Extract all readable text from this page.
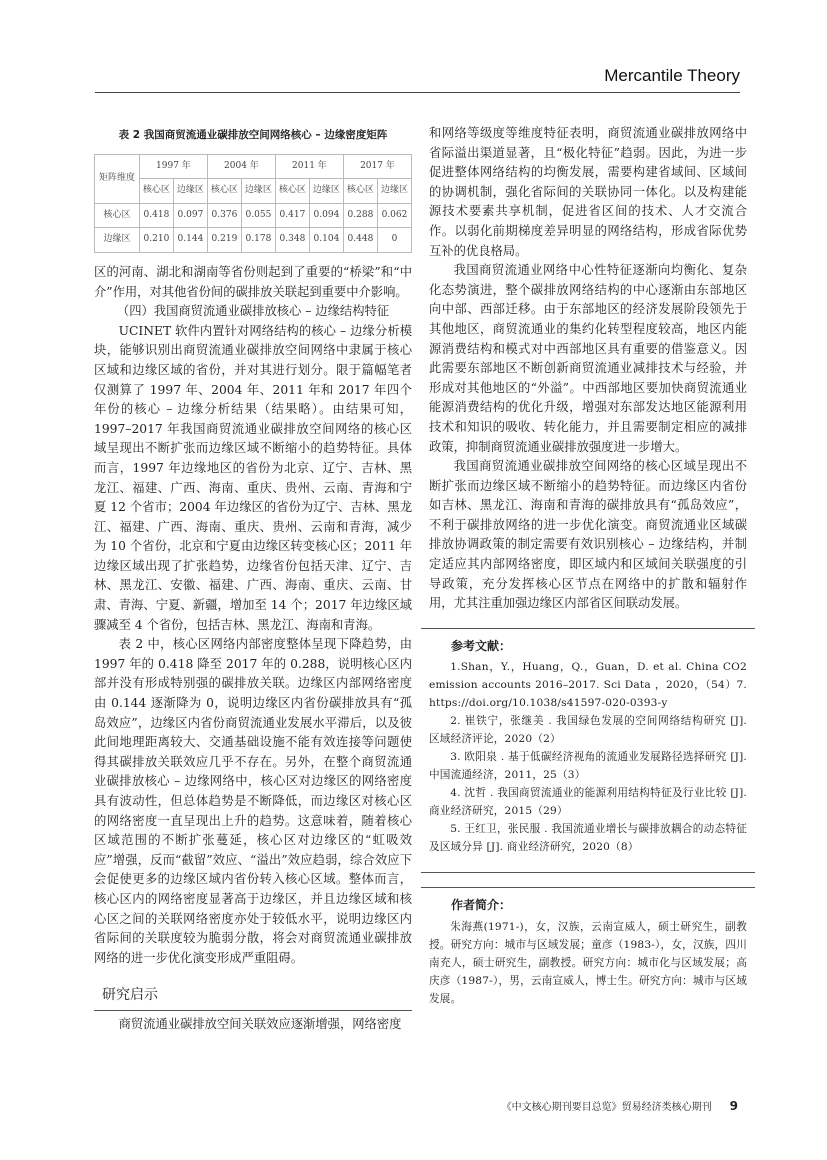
Mercantile Theory
表 2 我国商贸流通业碳排放空间网络核心 – 边缘密度矩阵
矩阵维度	1997 年		2004 年		2011 年		2017 年	
	核心区	边缘区	核心区	边缘区	核心区	边缘区	核心区	边缘区
核心区	0.418	0.097	0.376	0.055	0.417	0.094	0.288	0.062
边缘区	0.210	0.144	0.219	0.178	0.348	0.104	0.448	0

区的河南、湖北和湖南等省份则起到了重要的“桥梁”和“中介”作用，对其他省份间的碳排放关联起到重要中介影响。

（四）我国商贸流通业碳排放核心 – 边缘结构特征

UCINET 软件内置针对网络结构的核心 – 边缘分析模块，能够识别出商贸流通业碳排放空间网络中隶属于核心区域和边缘区域的省份，并对其进行划分。限于篇幅笔者仅测算了 1997 年、2004 年、2011 年和 2017 年四个年份的核心 – 边缘分析结果（结果略）。由结果可知，1997–2017 年我国商贸流通业碳排放空间网络的核心区域呈现出不断扩张而边缘区域不断缩小的趋势特征。具体而言，1997 年边缘地区的省份为北京、辽宁、吉林、黑龙江、福建、广西、海南、重庆、贵州、云南、青海和宁夏 12 个省市；2004 年边缘区的省份为辽宁、吉林、黑龙江、福建、广西、海南、重庆、贵州、云南和青海，减少为 10 个省份，北京和宁夏由边缘区转变核心区；2011 年边缘区域出现了扩张趋势，边缘省份包括天津、辽宁、吉林、黑龙江、安徽、福建、广西、海南、重庆、云南、甘肃、青海、宁夏、新疆，增加至 14 个；2017 年边缘区域骤减至 4 个省份，包括吉林、黑龙江、海南和青海。

表 2 中，核心区网络内部密度整体呈现下降趋势，由 1997 年的 0.418 降至 2017 年的 0.288，说明核心区内部并没有形成特别强的碳排放关联。边缘区内部网络密度由 0.144 逐渐降为 0，说明边缘区内省份碳排放具有“孤岛效应”，边缘区内省份商贸流通业发展水平滞后，以及彼此间地理距离较大、交通基础设施不能有效连接等问题使得其碳排放关联效应几乎不存在。另外，在整个商贸流通业碳排放核心 – 边缘网络中，核心区对边缘区的网络密度具有波动性，但总体趋势是不断降低，而边缘区对核心区的网络密度一直呈现出上升的趋势。这意味着，随着核心区域范围的不断扩张蔓延，核心区对边缘区的“虹吸效应”增强，反而“截留”效应、“溢出”效应趋弱，综合效应下会促使更多的边缘区域内省份转入核心区域。整体而言，核心区内的网络密度显著高于边缘区，并且边缘区域和核心区之间的关联网络密度亦处于较低水平，说明边缘区内省际间的关联度较为脆弱分散，将会对商贸流通业碳排放网络的进一步优化演变形成严重阻碍。

研究启示

商贸流通业碳排放空间关联效应逐渐增强，网络密度

和网络等级度等维度特征表明，商贸流通业碳排放网络中省际溢出渠道显著，且“极化特征”趋弱。因此，为进一步促进整体网络结构的均衡发展，需要构建省域间、区域间的协调机制，强化省际间的关联协同一体化。以及构建能源技术要素共享机制，促进省区间的技术、人才交流合作。以弱化前期梯度差异明显的网络结构，形成省际优势互补的优良格局。

我国商贸流通业网络中心性特征逐渐向均衡化、复杂化态势演进，整个碳排放网络结构的中心逐渐由东部地区向中部、西部迁移。由于东部地区的经济发展阶段领先于其他地区，商贸流通业的集约化转型程度较高，地区内能源消费结构和模式对中西部地区具有重要的借鉴意义。因此需要东部地区不断创新商贸流通业减排技术与经验，并形成对其他地区的“外溢”。中西部地区要加快商贸流通业能源消费结构的优化升级，增强对东部发达地区能源利用技术和知识的吸收、转化能力，并且需要制定相应的减排政策，抑制商贸流通业碳排放强度进一步增大。

我国商贸流通业碳排放空间网络的核心区域呈现出不断扩张而边缘区域不断缩小的趋势特征。而边缘区内省份如吉林、黑龙江、海南和青海的碳排放具有“孤岛效应”，不利于碳排放网络的进一步优化演变。商贸流通业区域碳排放协调政策的制定需要有效识别核心 – 边缘结构，并制定适应其内部网络密度，即区域内和区域间关联强度的引导政策，充分发挥核心区节点在网络中的扩散和辐射作用，尤其注重加强边缘区内部省区间联动发展。

参考文献：

1.Shan，Y.，Huang，Q.，Guan，D. et al. China CO2 emission accounts 2016–2017. Sci Data ，2020，（54）7. https://doi.org/10.1038/s41597-020-0393-y

2. 崔铁宁，张继美 . 我国绿色发展的空间网络结构研究 [J]. 区域经济评论，2020（2）

3. 欧阳泉 . 基于低碳经济视角的流通业发展路径选择研究 [J]. 中国流通经济，2011，25（3）

4. 沈哲 . 我国商贸流通业的能源利用结构特征及行业比较 [J]. 商业经济研究，2015（29）

5. 王红卫，张民服 . 我国流通业增长与碳排放耦合的动态特征及区域分异 [J]. 商业经济研究，2020（8）

作者简介：

朱海燕(1971-)，女，汉族，云南宣威人，硕士研究生，副教授。研究方向：城市与区域发展；童彦（1983-），女，汉族，四川南充人，硕士研究生，副教授。研究方向：城市化与区域发展；高庆彦（1987-），男，云南宣威人，博士生。研究方向：城市与区域发展。

《中文核心期刊要目总览》贸易经济类核心期刊 9
